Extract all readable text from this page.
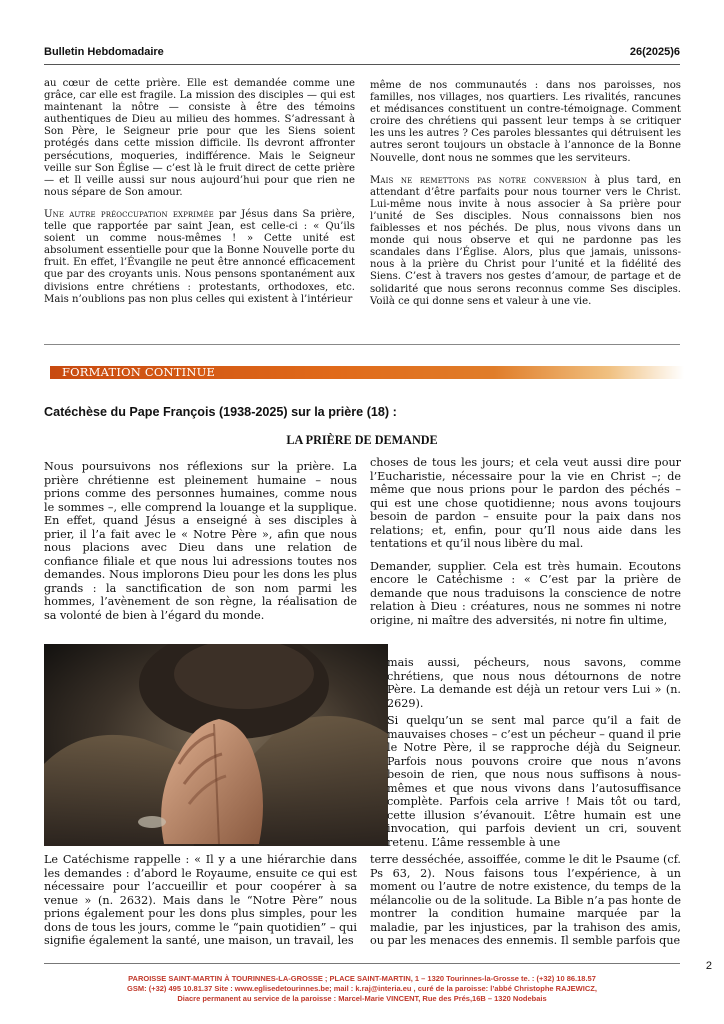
Bulletin Hebdomadaire	26(2025)6

au cœur de cette prière. Elle est demandée comme une grâce, car elle est fragile. La mission des disciples — qui est maintenant la nôtre — consiste à être des témoins authentiques de Dieu au milieu des hommes. S’adressant à Son Père, le Seigneur prie pour que les Siens soient protégés dans cette mission difficile. Ils devront affronter persécutions, moqueries, indifférence. Mais le Seigneur veille sur Son Église — c’est là le fruit direct de cette prière — et Il veille aussi sur nous aujourd’hui pour que rien ne nous sépare de Son amour.

Une autre préoccupation exprimée par Jésus dans Sa prière, telle que rapportée par saint Jean, est celle-ci : « Qu’ils soient un comme nous-mêmes ! » Cette unité est absolument essentielle pour que la Bonne Nouvelle porte du fruit. En effet, l’Évangile ne peut être annoncé efficacement que par des croyants unis. Nous pensons spontanément aux divisions entre chrétiens : protestants, orthodoxes, etc. Mais n’oublions pas non plus celles qui existent à l’intérieur

même de nos communautés : dans nos paroisses, nos familles, nos villages, nos quartiers. Les rivalités, rancunes et médisances constituent un contre-témoignage. Comment croire des chrétiens qui passent leur temps à se critiquer les uns les autres ? Ces paroles blessantes qui détruisent les autres seront toujours un obstacle à l’annonce de la Bonne Nouvelle, dont nous ne sommes que les serviteurs.

Mais ne remettons pas notre conversion à plus tard, en attendant d’être parfaits pour nous tourner vers le Christ. Lui-même nous invite à nous associer à Sa prière pour l’unité de Ses disciples. Nous connaissons bien nos faiblesses et nos péchés. De plus, nous vivons dans un monde qui nous observe et qui ne pardonne pas les scandales dans l’Église. Alors, plus que jamais, unissons-nous à la prière du Christ pour l’unité et la fidélité des Siens. C’est à travers nos gestes d’amour, de partage et de solidarité que nous serons reconnus comme Ses disciples. Voilà ce qui donne sens et valeur à une vie.

FORMATION CONTINUE
Catéchèse du Pape François (1938-2025) sur la prière (18) :
LA PRIÈRE DE DEMANDE

Nous poursuivons nos réflexions sur la prière. La prière chrétienne est pleinement humaine – nous prions comme des personnes humaines, comme nous le sommes –, elle comprend la louange et la supplique. En effet, quand Jésus a enseigné à ses disciples à prier, il l’a fait avec le « Notre Père », afin que nous nous placions avec Dieu dans une relation de confiance filiale et que nous lui adressions toutes nos demandes. Nous implorons Dieu pour les dons les plus grands : la sanctification de son nom parmi les hommes, l’avènement de son règne, la réalisation de sa volonté de bien à l’égard du monde.

Le Catéchisme rappelle : « Il y a une hiérarchie dans les demandes : d’abord le Royaume, ensuite ce qui est nécessaire pour l’accueillir et pour coopérer à sa venue » (n. 2632). Mais dans le “Notre Père” nous prions également pour les dons plus simples, pour les dons de tous les jours, comme le “pain quotidien” – qui signifie également la santé, une maison, un travail, les

choses de tous les jours; et cela veut aussi dire pour l’Eucharistie, nécessaire pour la vie en Christ –; de même que nous prions pour le pardon des péchés – qui est une chose quotidienne; nous avons toujours besoin de pardon – ensuite pour la paix dans nos relations; et, enfin, pour qu’Il nous aide dans les tentations et qu’il nous libère du mal.

Demander, supplier. Cela est très humain. Ecoutons encore le Catéchisme : « C’est par la prière de demande que nous traduisons la conscience de notre relation à Dieu : créatures, nous ne sommes ni notre origine, ni maître des adversités, ni notre fin ultime,

mais aussi, pécheurs, nous savons, comme chrétiens, que nous nous détournons de notre Père. La demande est déjà un retour vers Lui » (n. 2629).

Si quelqu’un se sent mal parce qu’il a fait de mauvaises choses – c’est un pécheur – quand il prie le Notre Père, il se rapproche déjà du Seigneur. Parfois nous pouvons croire que nous n’avons besoin de rien, que nous nous suffisons à nous-mêmes et que nous vivons dans l’autosuffisance complète. Parfois cela arrive ! Mais tôt ou tard, cette illusion s’évanouit. L’être humain est une invocation, qui parfois devient un cri, souvent retenu. L’âme ressemble à une

terre desséchée, assoiffée, comme le dit le Psaume (cf. Ps 63, 2). Nous faisons tous l’expérience, à un moment ou l’autre de notre existence, du temps de la mélancolie ou de la solitude. La Bible n’a pas honte de montrer la condition humaine marquée par la maladie, par les injustices, par la trahison des amis, ou par les menaces des ennemis. Il semble parfois que

2
PAROISSE SAINT-MARTIN À TOURINNES-LA-GROSSE ; PLACE SAINT-MARTIN, 1 – 1320 Tourinnes-la-Grosse te. : (+32) 10 86.18.57
GSM: (+32) 495 10.81.37 Site : www.eglisedetourinnes.be; mail : k.raj@interia.eu , curé de la paroisse: l’abbé Christophe RAJEWICZ,
Diacre permanent au service de la paroisse : Marcel-Marie VINCENT, Rue des Prés,16B – 1320 Nodebais
